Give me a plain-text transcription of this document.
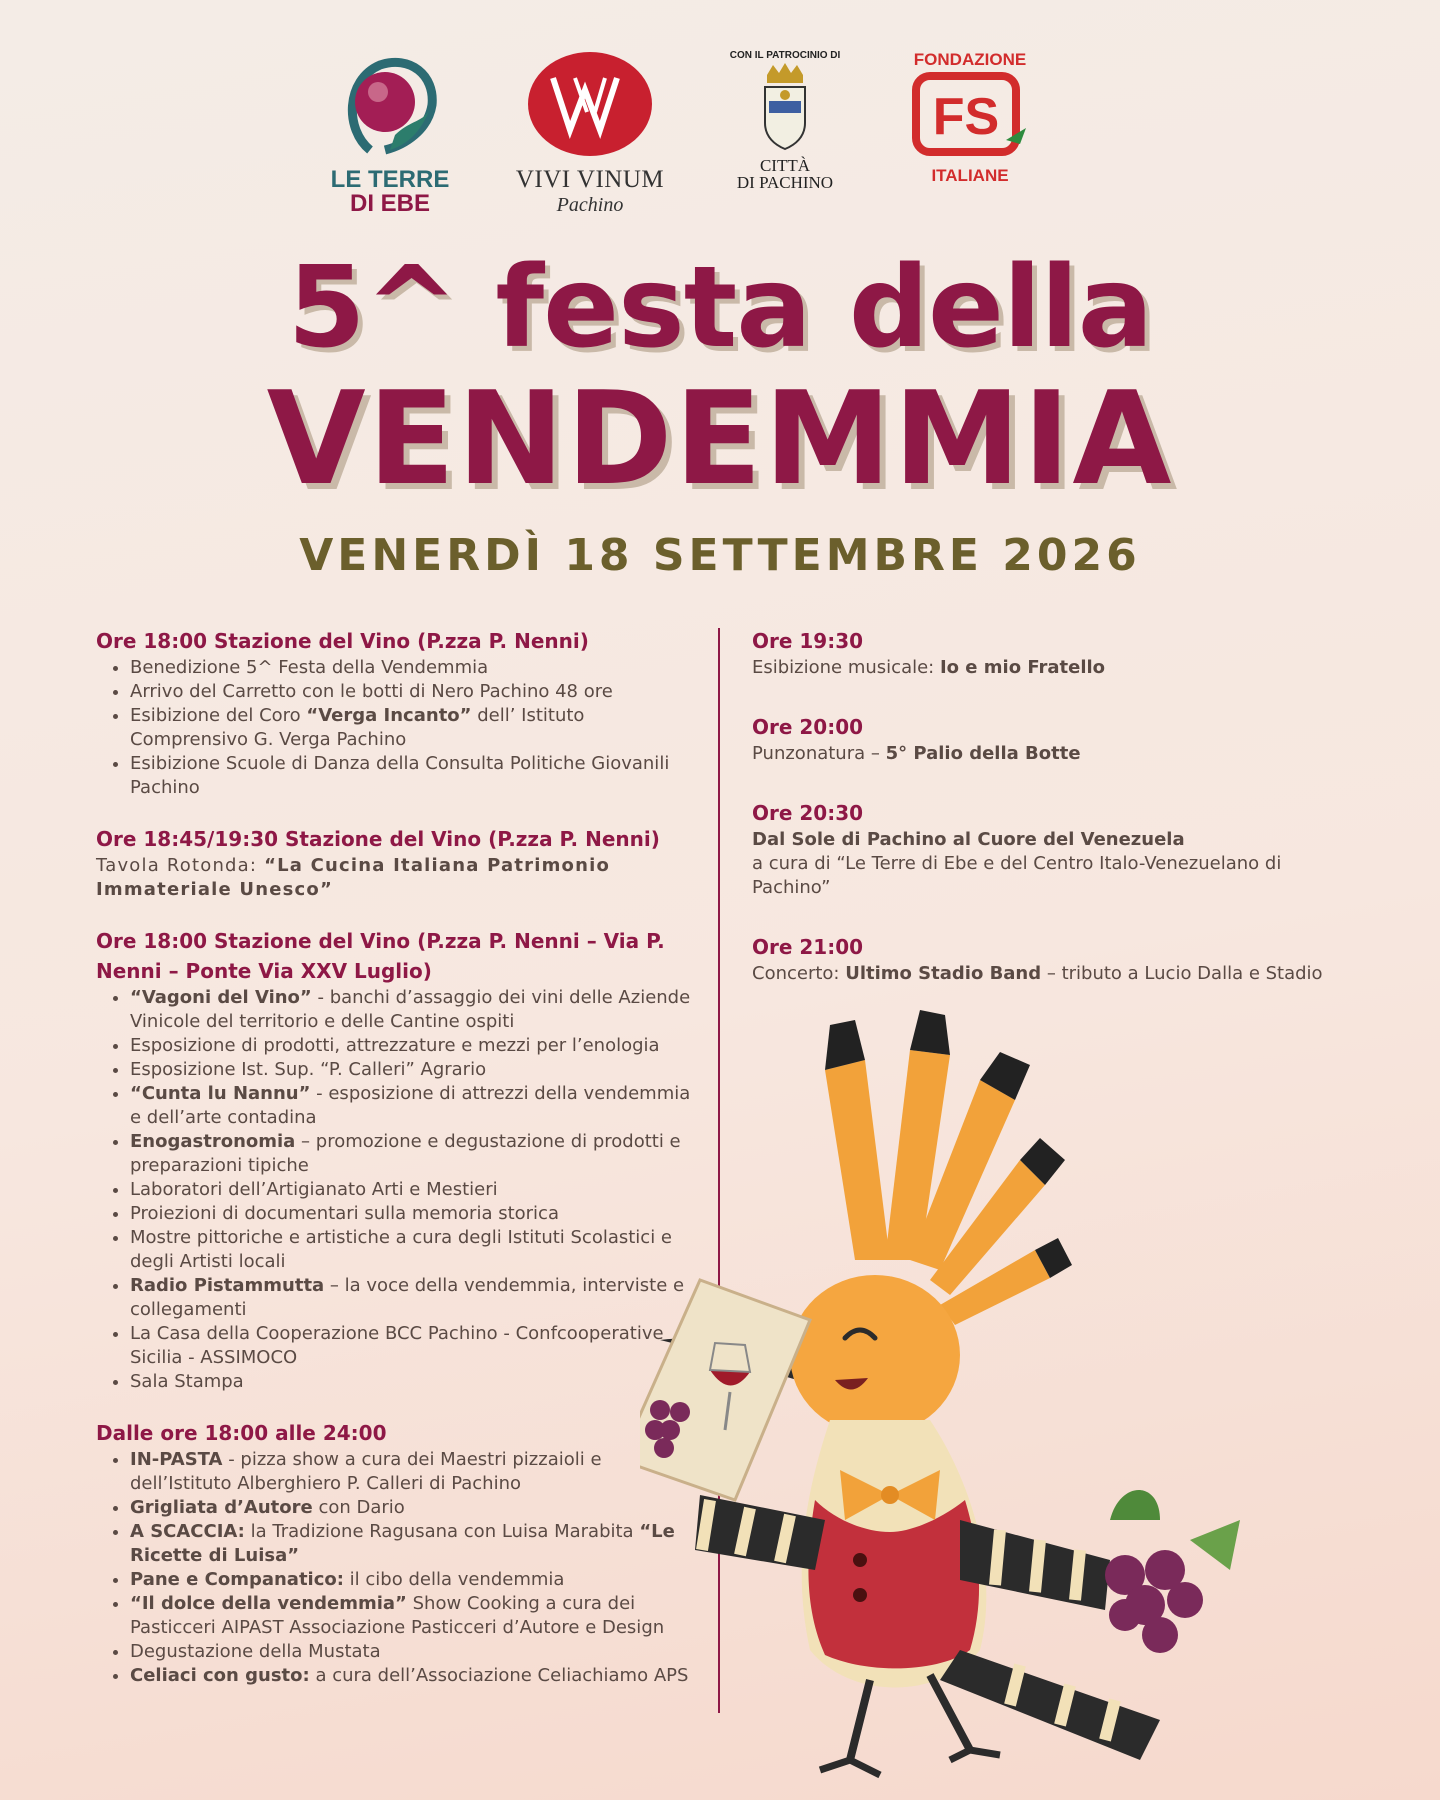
LE TERRE
DI EBE
VIVI VINUM
Pachino
CON IL PATROCINIO DI
CITTÀ
DI PACHINO
FONDAZIONE
FS
ITALIANE
5^ festa della
VENDEMMIA
VENERDÌ 18 SETTEMBRE 2026
Ore 18:00 Stazione del Vino (P.zza P. Nenni)
• Benedizione 5^ Festa della Vendemmia
• Arrivo del Carretto con le botti di Nero Pachino 48 ore
• Esibizione del Coro “Verga Incanto” dell’ Istituto Comprensivo G. Verga Pachino
• Esibizione Scuole di Danza della Consulta Politiche Giovanili Pachino
Ore 18:45/19:30 Stazione del Vino (P.zza P. Nenni)
Tavola Rotonda: “La Cucina Italiana Patrimonio Immateriale Unesco”
Ore 18:00 Stazione del Vino (P.zza P. Nenni – Via P. Nenni – Ponte Via XXV Luglio)
• “Vagoni del Vino” - banchi d’assaggio dei vini delle Aziende Vinicole del territorio e delle Cantine ospiti
• Esposizione di prodotti, attrezzature e mezzi per l’enologia
• Esposizione Ist. Sup. “P. Calleri” Agrario
• “Cunta lu Nannu” - esposizione di attrezzi della vendemmia e dell’arte contadina
• Enogastronomia – promozione e degustazione di prodotti e preparazioni tipiche
• Laboratori dell’Artigianato Arti e Mestieri
• Proiezioni di documentari sulla memoria storica
• Mostre pittoriche e artistiche a cura degli Istituti Scolastici e degli Artisti locali
• Radio Pistammutta – la voce della vendemmia, interviste e collegamenti
• La Casa della Cooperazione BCC Pachino - Confcooperative Sicilia - ASSIMOCO
• Sala Stampa
Dalle ore 18:00 alle 24:00
• IN-PASTA - pizza show a cura dei Maestri pizzaioli e dell’Istituto Alberghiero P. Calleri di Pachino
• Grigliata d’Autore con Dario
• A SCACCIA: la Tradizione Ragusana con Luisa Marabita “Le Ricette di Luisa”
• Pane e Companatico: il cibo della vendemmia
• “Il dolce della vendemmia” Show Cooking a cura dei Pasticceri AIPAST Associazione Pasticceri d’Autore e Design
• Degustazione della Mustata
• Celiaci con gusto: a cura dell’Associazione Celiachiamo APS
Ore 19:30
Esibizione musicale: Io e mio Fratello
Ore 20:00
Punzonatura – 5° Palio della Botte
Ore 20:30
Dal Sole di Pachino al Cuore del Venezuela
a cura di “Le Terre di Ebe e del Centro Italo-Venezuelano di Pachino”
Ore 21:00
Concerto: Ultimo Stadio Band – tributo a Lucio Dalla e Stadio
